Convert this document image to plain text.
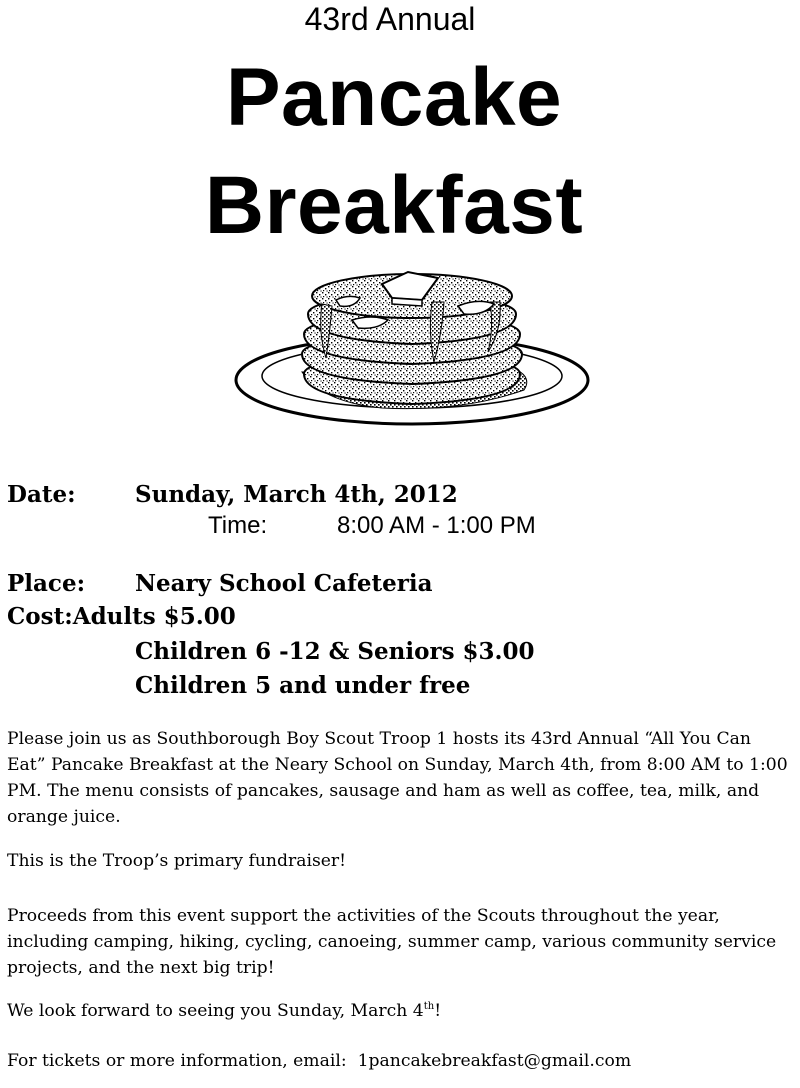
43rd Annual
Pancake
Breakfast
Date:	Sunday, March 4th, 2012
Time:	8:00 AM - 1:00 PM
Place: Neary School Cafeteria
Cost:Adults $5.00
Children 6 -12 & Seniors $3.00
Children 5 and under free
Please join us as Southborough Boy Scout Troop 1 hosts its 43rd Annual “All You Can Eat” Pancake Breakfast at the Neary School on Sunday, March 4th, from 8:00 AM to 1:00 PM. The menu consists of pancakes, sausage and ham as well as coffee, tea, milk, and orange juice.
This is the Troop’s primary fundraiser!
Proceeds from this event support the activities of the Scouts throughout the year, including camping, hiking, cycling, canoeing, summer camp, various community service projects, and the next big trip!
We look forward to seeing you Sunday, March 4th!
For tickets or more information, email:  1pancakebreakfast@gmail.com
